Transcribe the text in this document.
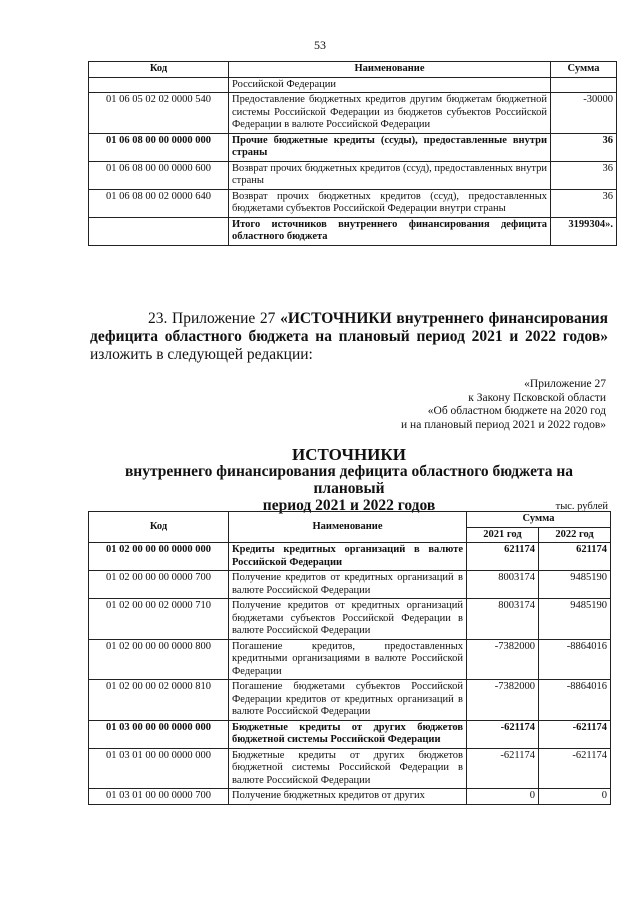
53
Код	Наименование	Сумма
	Российской Федерации	
01 06 05 02 02 0000 540	Предоставление бюджетных кредитов другим бюджетам бюджетной системы Российской Федерации из бюджетов субъектов Российской Федерации в валюте Российской Федерации	-30000
01 06 08 00 00 0000 000	Прочие бюджетные кредиты (ссуды), предоставленные внутри страны	36
01 06 08 00 00 0000 600	Возврат прочих бюджетных кредитов (ссуд), предоставленных внутри страны	36
01 06 08 00 02 0000 640	Возврат прочих бюджетных кредитов (ссуд), предоставленных бюджетами субъектов Российской Федерации внутри страны	36
	Итого источников внутреннего финансирования дефицита областного бюджета	3199304».
23. Приложение 27 «ИСТОЧНИКИ внутреннего финансирования дефицита областного бюджета на плановый период 2021 и 2022 годов» изложить в следующей редакции:
«Приложение 27
к Закону Псковской области
«Об областном бюджете на 2020 год
и на плановый период 2021 и 2022 годов»
ИСТОЧНИКИ
внутреннего финансирования дефицита областного бюджета на плановый
период 2021 и 2022 годов	тыс. рублей
Код	Наименование	Сумма	
		2021 год	2022 год
01 02 00 00 00 0000 000	Кредиты кредитных организаций в валюте Российской Федерации	621174	621174
01 02 00 00 00 0000 700	Получение кредитов от кредитных организаций в валюте Российской Федерации	8003174	9485190
01 02 00 00 02 0000 710	Получение кредитов от кредитных организаций бюджетами субъектов Российской Федерации в валюте Российской Федерации	8003174	9485190
01 02 00 00 00 0000 800	Погашение кредитов, предоставленных кредитными организациями в валюте Российской Федерации	-7382000	-8864016
01 02 00 00 02 0000 810	Погашение бюджетами субъектов Российской Федерации кредитов от кредитных организаций в валюте Российской Федерации	-7382000	-8864016
01 03 00 00 00 0000 000	Бюджетные кредиты от других бюджетов бюджетной системы Российской Федерации	-621174	-621174
01 03 01 00 00 0000 000	Бюджетные кредиты от других бюджетов бюджетной системы Российской Федерации в валюте Российской Федерации	-621174	-621174
01 03 01 00 00 0000 700	Получение бюджетных кредитов от других	0	0
